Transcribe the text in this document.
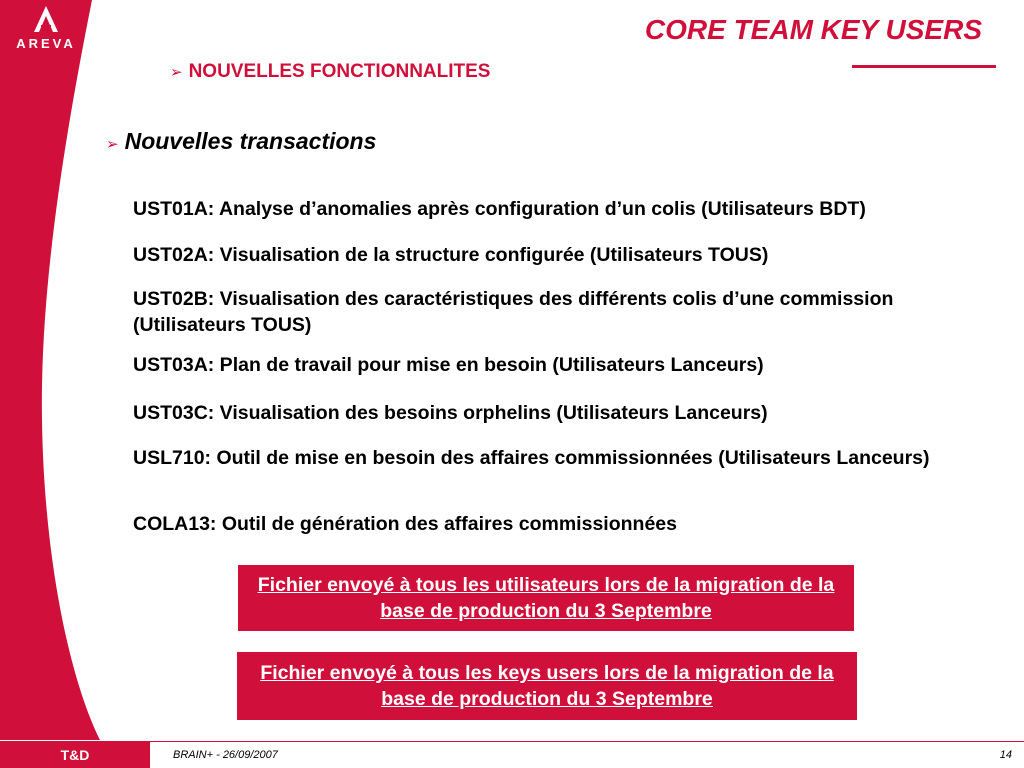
AREVA	CORE TEAM KEY USERS
➢ NOUVELLES FONCTIONNALITES
➢ Nouvelles transactions
UST01A: Analyse d’anomalies après configuration d’un colis (Utilisateurs BDT)
UST02A: Visualisation de la structure configurée (Utilisateurs TOUS)
UST02B: Visualisation des caractéristiques des différents colis d’une commission (Utilisateurs TOUS)
UST03A: Plan de travail pour mise en besoin (Utilisateurs Lanceurs)
UST03C: Visualisation des besoins orphelins (Utilisateurs Lanceurs)
USL710: Outil de mise en besoin des affaires commissionnées (Utilisateurs Lanceurs)
COLA13: Outil de génération des affaires commissionnées
Fichier envoyé à tous les utilisateurs lors de la migration de la base de production du 3 Septembre
Fichier envoyé à tous les keys users lors de la migration de la base de production du 3 Septembre
T&D	BRAIN+ - 26/09/2007	14
